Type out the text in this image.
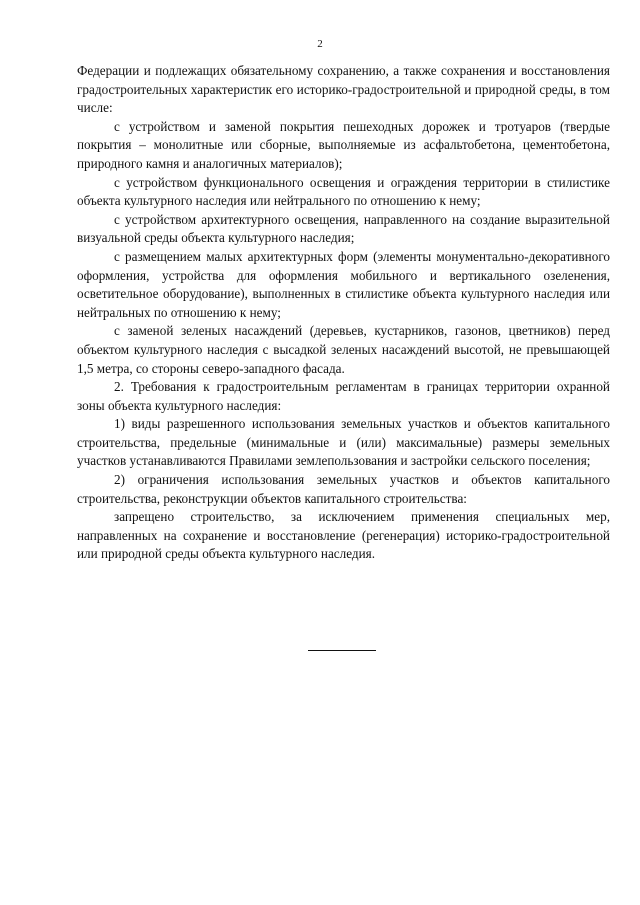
2

Федерации и подлежащих обязательному сохранению, а также сохранения и восстановления градостроительных характеристик его историко-градостроительной и природной среды, в том числе:

с устройством и заменой покрытия пешеходных дорожек и тротуаров (твердые покрытия – монолитные или сборные, выполняемые из асфальтобетона, цементобетона, природного камня и аналогичных материалов);

с устройством функционального освещения и ограждения территории в стилистике объекта культурного наследия или нейтрального по отношению к нему;

с устройством архитектурного освещения, направленного на создание выразительной визуальной среды объекта культурного наследия;

с размещением малых архитектурных форм (элементы монументально-декоративного оформления, устройства для оформления мобильного и вертикального озеленения, осветительное оборудование), выполненных в стилистике объекта культурного наследия или нейтральных по отношению к нему;

с заменой зеленых насаждений (деревьев, кустарников, газонов, цветников) перед объектом культурного наследия с высадкой зеленых насаждений высотой, не превышающей 1,5 метра, со стороны северо-западного фасада.

2. Требования к градостроительным регламентам в границах территории охранной зоны объекта культурного наследия:

1) виды разрешенного использования земельных участков и объектов капитального строительства, предельные (минимальные и (или) максимальные) размеры земельных участков устанавливаются Правилами землепользования и застройки сельского поселения;

2) ограничения использования земельных участков и объектов капитального строительства, реконструкции объектов капитального строительства:

запрещено строительство, за исключением применения специальных мер, направленных на сохранение и восстановление (регенерация) историко-градостроительной или природной среды объекта культурного наследия.
